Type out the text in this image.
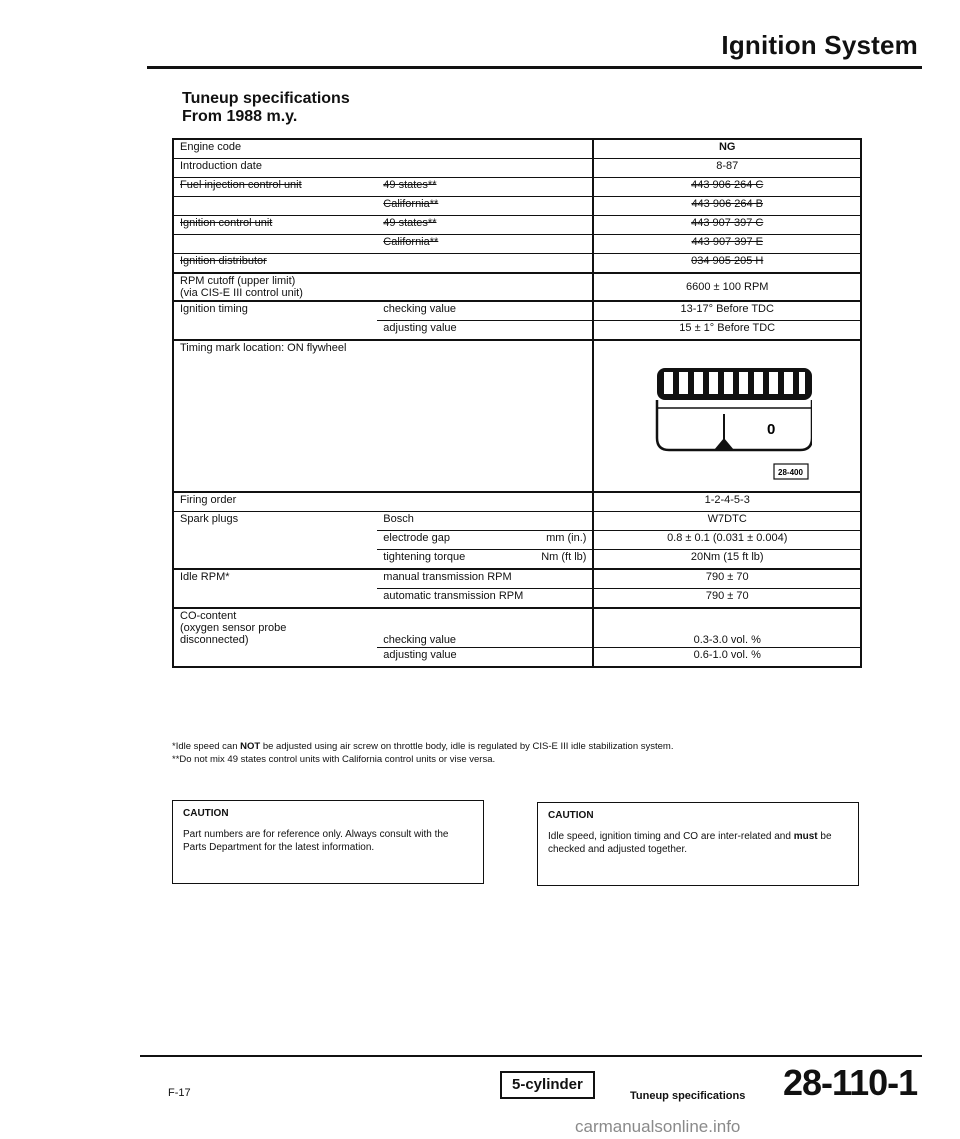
Ignition System
Tuneup specifications
From 1988 m.y.
Engine code		NG
Introduction date		8-87
Fuel injection control unit	49 states**	443 906 264 C
	California**	443 906 264 B
Ignition control unit	49 states**	443 907 397 C
	California**	443 907 397 E
Ignition distributor		034 905 205 H

RPM cutoff (upper limit)
(via CIS-E III control unit)		6600 ± 100 RPM
Ignition timing	checking value	13-17° Before TDC
	adjusting value	15 ± 1° Before TDC
Timing mark location: ON flywheel		0
28-400

Firing order		1-2-4-5-3
Spark plugs	Bosch	W7DTC
	electrode gap mm (in.)	0.8 ± 0.1 (0.031 ± 0.004)
	tightening torque Nm (ft lb)	20Nm (15 ft lb)
Idle RPM*	manual transmission RPM	790 ± 70
	automatic transmission RPM	790 ± 70

CO-content
(oxygen sensor probe
disconnected)	checking value	0.3-3.0 vol. %
	adjusting value	0.6-1.0 vol. %
*Idle speed can NOT be adjusted using air screw on throttle body, idle is regulated by CIS-E III idle stabilization system.
**Do not mix 49 states control units with California control units or vise versa.
CAUTION
Part numbers are for reference only. Always consult with the Parts Department for the latest information.
CAUTION
Idle speed, ignition timing and CO are inter-related and must be checked and adjusted together.
F-17	5-cylinder
Tuneup specifications 28-110-1
carmanualsonline.info
